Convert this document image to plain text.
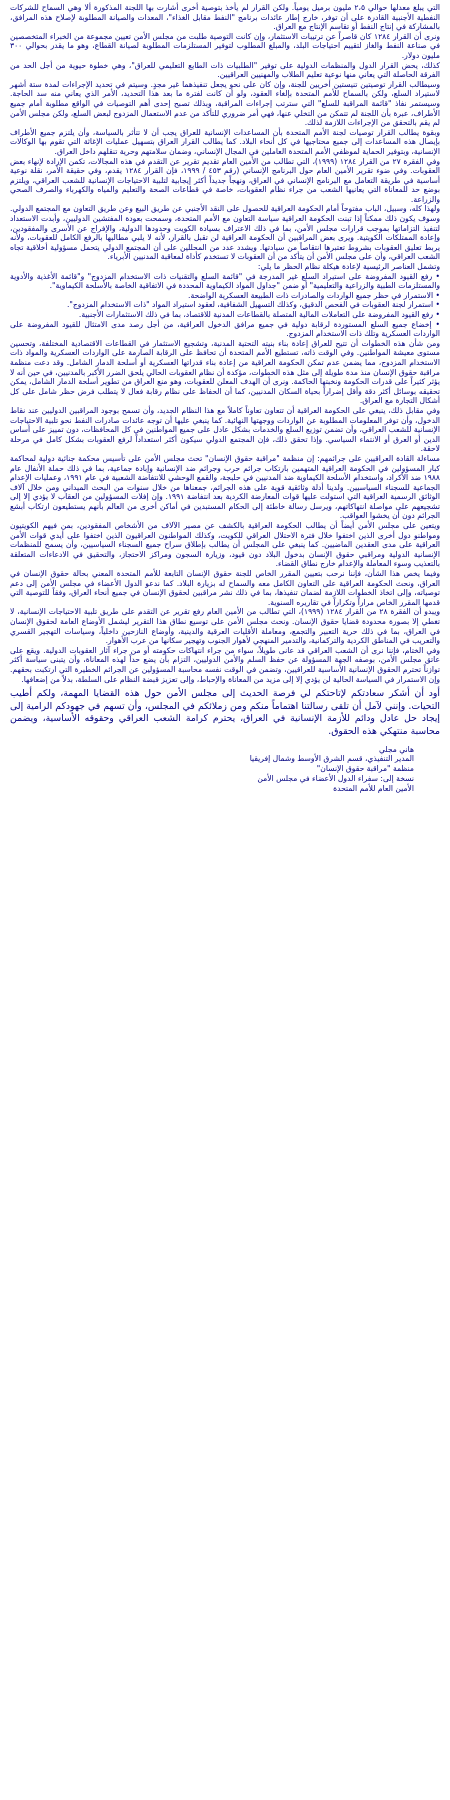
التي يبلغ معدلها حوالي ٢،٥ مليون برميل يومياً. ولكن القرار لم يأخذ بتوصية أخرى أشارت بها اللجنة المذكورة ألا وهي السماح للشركات النفطية الأجنبية القادرة على أن توفر، خارج إطار عائدات برنامج "النفط مقابل الغذاء"، المعدات والصيانة المطلوبة لإصلاح هذه المرافق، بالمشاركة في إنتاج النفط أو تقاسم الإنتاج مع العراق.

ونرى أن القرار ١٢٨٤ كان قاصراً عن ترتيبات الاستثمار، وإن كانت التوصية طلبت من مجلس الأمن تعيين مجموعة من الخبراء المتخصصين في صناعة النفط والغاز لتقييم احتياجات البلد، والمبلغ المطلوب لتوفير المستلزمات المطلوبة لصيانة القطاع، وهو ما يقدر بحوالي ٣٠٠ مليون دولار.

كذلك، يحض القرار الدول والمنظمات الدولية على توفير "الطلبيات ذات الطابع التعليمي للعراق"، وهي خطوة حيوية من أجل الحد من الفرقة الحاصلة التي يعاني منها نوعية تعليم الطلاب والمهنيين العراقيين.

وسيطالب القرار توصيتين تنيستين أخريين للجنة، وإن كان على نحو يجعل تنفيذهما غير مجدٍ. وسيتم في تحديد الإجراءات لمدة ستة أشهر لاستيراد السلع، ولكن بالسماح للأمم المتحدة بإلغاء العقود، ولو أن كانت لفترة ما بعد هذا التحديد، الأمر الذي يعاني منه سد الحاجة. وسيستمر نفاذ "قائمة المراقبة للسلع" التي سترتب إجراءات المراقبة، وبذلك تصبح إحدى أهم التوصيات في الواقع مطلوبة أمام جميع الأطراف، عبرة بأن اللجنة لم تتمكن من التخلي عنها، فهي أمر ضروري للتأكد من عدم الاستعمال المزدوج لبعض السلع، ولكن مجلس الأمن لم يقم بالتحقق من الإجراءات اللازمة لذلك.

وبقوة يطالب القرار توصيات لجنة الأمم المتحدة بأن المساعدات الإنسانية للعراق يجب أن لا تتأثر بالسياسة، وأن يلتزم جميع الأطراف بإيصال هذه المساعدات إلى جميع محتاجيها في كل أنحاء البلاد. كما يطالب القرار العراق بتسهيل عمليات الإغاثة التي تقوم بها الوكالات الإنسانية، وبتوفير الحماية لموظفي الأمم المتحدة العاملين في المجال الإنساني، وضمان سلامتهم وحرية تنقلهم داخل العراق.

وفي الفقرة ٢٧ من القرار ١٢٨٤ (١٩٩٩)، التي تطالب من الأمين العام تقديم تقرير عن التقدم في هذه المجالات، تكمن الإرادة لإنهاء بعض العقوبات. وفي ضوء تقرير الأمين العام حول البرنامج الإنساني (رقم ٤٥٣ / ١٩٩٩، فإن القرار ١٢٨٤ يقدم، وفي حقيقة الأمر، نقلة نوعية أساسية في طريقة التعامل مع البرنامج الإنساني في العراق، ونهجاً جديداً أكثر إيجابية لتلبية الاحتياجات الإنسانية للشعب العراقي، ويلتزم بوضع حد للمعاناة التي يعانيها الشعب من جراء نظام العقوبات، خاصة في قطاعات الصحة والتعليم والمياه والكهرباء والصرف الصحي والزراعة.

ولهذا كله، وسبيل، الباب مفتوحاً أمام الحكومة العراقية للحصول على النقد الأجنبي عن طريق البيع وعن طريق التعاون مع المجتمع الدولي. وسوف يكون ذلك ممكناً إذا تبنت الحكومة العراقية سياسة التعاون مع الأمم المتحدة، وسمحت بعودة المفتشين الدوليين، وأبدت الاستعداد لتنفيذ التزاماتها بموجب قرارات مجلس الأمن، بما في ذلك الاعتراف بسيادة الكويت وحدودها الدولية، والإفراج عن الأسرى والمفقودين، وإعادة الممتلكات الكويتية. ويرى بعض المراقبين أن الحكومة العراقية لن تقبل بالقرار، لأنه لا يلبي مطالبها بالرفع الكامل للعقوبات، ولأنه يربط تعليق العقوبات بشروط تعتبرها انتقاصاً من سيادتها. ويشدد عدد من المحللين على أن المجتمع الدولي يتحمل مسؤولية أخلاقية تجاه الشعب العراقي، وأن على مجلس الأمن أن يتأكد من أن العقوبات لا تستخدم كأداة لمعاقبة المدنيين الأبرياء.

وتشمل العناصر الرئيسية لإعادة هيكلة نظام الحظر ما يلي:

• رفع القيود المفروضة على استيراد السلع غير المدرجة في "قائمة السلع والتقنيات ذات الاستخدام المزدوج" و"قائمة الأغذية والأدوية والمستلزمات الطبية والزراعية والتعليمية" أو ضمن "جداول المواد الكيماوية المحددة في الاتفاقية الخاصة بالأسلحة الكيماوية".

• الاستمرار في حظر جميع الواردات والصادرات ذات الطبيعة العسكرية الواضحة.

• استمرار لجنة العقوبات في الفحص الدقيق، وكذلك التسهيل الشفافية، لعقود استيراد المواد "ذات الاستخدام المزدوج".

• رفع القيود المفروضة على التعاملات المالية المتصلة بالقطاعات المدنية للاقتصاد، بما في ذلك الاستثمارات الأجنبية.

• إخضاع جميع السلع المستوردة لرقابة دولية في جميع مرافق الدخول العراقية، من أجل رصد مدى الامتثال للقيود المفروضة على الواردات العسكرية وتلك ذات الاستخدام المزدوج.

ومن شأن هذه الخطوات أن تتيح للعراق إعادة بناء بنيته التحتية المدنية، وتشجيع الاستثمار في القطاعات الاقتصادية المختلفة، وتحسين مستوى معيشة المواطنين. وفي الوقت ذاته، تستطيع الأمم المتحدة أن تحافظ على الرقابة الصارمة على الواردات العسكرية والمواد ذات الاستخدام المزدوج، مما يضمن عدم تمكن الحكومة العراقية من إعادة بناء قدراتها العسكرية أو أسلحة الدمار الشامل. وقد دعت منظمة مراقبة حقوق الإنسان منذ مدة طويلة إلى مثل هذه الخطوات، مؤكدة أن نظام العقوبات الحالي يلحق الضرر الأكبر بالمدنيين، في حين أنه لا يؤثر كثيراً على قدرات الحكومة ونخبتها الحاكمة. ونرى أن الهدف المعلن للعقوبات، وهو منع العراق من تطوير أسلحة الدمار الشامل، يمكن تحقيقه بوسائل أكثر دقة وأقل إضراراً بحياة السكان المدنيين، كما أن الحفاظ على نظام رقابة فعال لا يتطلب فرض حظر شامل على كل أشكال التجارة مع العراق.

وفي مقابل ذلك، ينبغي على الحكومة العراقية أن تتعاون تعاوناً كاملاً مع هذا النظام الجديد، وأن تسمح بوجود المراقبين الدوليين عند نقاط الدخول، وأن توفر المعلومات المطلوبة عن الواردات ووجهتها النهائية. كما ينبغي عليها أن توجه عائدات صادرات النفط نحو تلبية الاحتياجات الإنسانية للشعب العراقي، وأن تضمن توزيع السلع والخدمات بشكل عادل على جميع المواطنين في كل المحافظات، دون تمييز على أساس الدين أو العرق أو الانتماء السياسي. وإذا تحقق ذلك، فإن المجتمع الدولي سيكون أكثر استعداداً لرفع العقوبات بشكل كامل في مرحلة لاحقة.

مساءلة القادة العراقيين على جرائمهم: إن منظمة "مراقبة حقوق الإنسان" تحث مجلس الأمن على تأسيس محكمة جنائية دولية لمحاكمة كبار المسؤولين في الحكومة العراقية المتهمين بارتكاب جرائم حرب وجرائم ضد الإنسانية وإبادة جماعية، بما في ذلك حملة الأنفال عام ١٩٨٨ ضد الأكراد، واستخدام الأسلحة الكيماوية ضد المدنيين في حلبجة، والقمع الوحشي للانتفاضة الشعبية في عام ١٩٩١، وعمليات الإعدام الجماعية للسجناء السياسيين. ولدينا أدلة وثائقية قوية على هذه الجرائم، جمعناها من خلال سنوات من البحث الميداني ومن خلال آلاف الوثائق الرسمية العراقية التي استولت عليها قوات المعارضة الكردية بعد انتفاضة ١٩٩١. وإن إفلات المسؤولين من العقاب لا يؤدي إلا إلى تشجيعهم على مواصلة انتهاكاتهم، ويرسل رسالة خاطئة إلى الحكام المستبدين في أماكن أخرى من العالم بأنهم يستطيعون ارتكاب أبشع الجرائم دون أن يخشوا العواقب.

ويتعين على مجلس الأمن أيضاً أن يطالب الحكومة العراقية بالكشف عن مصير الآلاف من الأشخاص المفقودين، بمن فيهم الكويتيون ومواطنو دول أخرى الذين اختفوا خلال فترة الاحتلال العراقي للكويت، وكذلك المواطنون العراقيون الذين اختفوا على أيدي قوات الأمن العراقية على مدى العقدين الماضيين. كما ينبغي على المجلس أن يطالب بإطلاق سراح جميع السجناء السياسيين، وأن يسمح للمنظمات الإنسانية الدولية ومراقبي حقوق الإنسان بدخول البلاد دون قيود، وزيارة السجون ومراكز الاحتجاز، والتحقيق في الادعاءات المتعلقة بالتعذيب وسوء المعاملة والإعدام خارج نطاق القضاء.

وفيما يخص هذا الشأن، فإننا نرحب بتعيين المقرر الخاص للجنة حقوق الإنسان التابعة للأمم المتحدة المعني بحالة حقوق الإنسان في العراق، ونحث الحكومة العراقية على التعاون الكامل معه والسماح له بزيارة البلاد. كما ندعو الدول الأعضاء في مجلس الأمن إلى دعم توصياته، وإلى اتخاذ الخطوات اللازمة لضمان تنفيذها، بما في ذلك نشر مراقبين لحقوق الإنسان في جميع أنحاء العراق، وفقاً للتوصية التي قدمها المقرر الخاص مراراً وتكراراً في تقاريره السنوية.

ويبدو أن الفقرة ٢٨ من القرار ١٢٨٤ (١٩٩٩)، التي تطالب من الأمين العام رفع تقرير عن التقدم على طريق تلبية الاحتياجات الإنسانية، لا تغطي إلا بصورة محدودة قضايا حقوق الإنسان. ونحث مجلس الأمن على توسيع نطاق هذا التقرير ليشمل الأوضاع العامة لحقوق الإنسان في العراق، بما في ذلك حرية التعبير والتجمع، ومعاملة الأقليات العرقية والدينية، وأوضاع النازحين داخلياً، وسياسات التهجير القسري والتعريب في المناطق الكردية والتركمانية، والتدمير المنهجي لأهوار الجنوب وتهجير سكانها من عرب الأهوار.

وفي الختام، فإننا نرى أن الشعب العراقي قد عانى طويلاً، سواء من جراء انتهاكات حكومته أو من جراء آثار العقوبات الدولية. ويقع على عاتق مجلس الأمن، بوصفه الجهة المسؤولة عن حفظ السلم والأمن الدوليين، التزام بأن يضع حداً لهذه المعاناة، وأن يتبنى سياسة أكثر توازناً تحترم الحقوق الإنسانية الأساسية للعراقيين، وتضمن في الوقت نفسه محاسبة المسؤولين عن الجرائم الخطيرة التي ارتكبت بحقهم. وإن الاستمرار في السياسة الحالية لن يؤدي إلا إلى مزيد من المعاناة والإحباط، وإلى تعزيز قبضة النظام على السلطة، بدلاً من إضعافها.

أود أن أشكر سعادتكم لإتاحتكم لي فرصة الحديث إلى مجلس الأمن حول هذه القضايا المهمة، ولكم أطيب التحيات. وإنني لآمل أن تلقى رسالتنا اهتماماً منكم ومن زملائكم في المجلس، وأن تسهم في جهودكم الرامية إلى إيجاد حل عادل ودائم للأزمة الإنسانية في العراق، يحترم كرامة الشعب العراقي وحقوقه الأساسية، ويضمن محاسبة منتهكي هذه الحقوق.

هاني مجلي
المدير التنفيذي، قسم الشرق الأوسط وشمال إفريقيا
منظمة "مراقبة حقوق الإنسان"
نسخة إلى: سفراء الدول الأعضاء في مجلس الأمن
الأمين العام للأمم المتحدة
